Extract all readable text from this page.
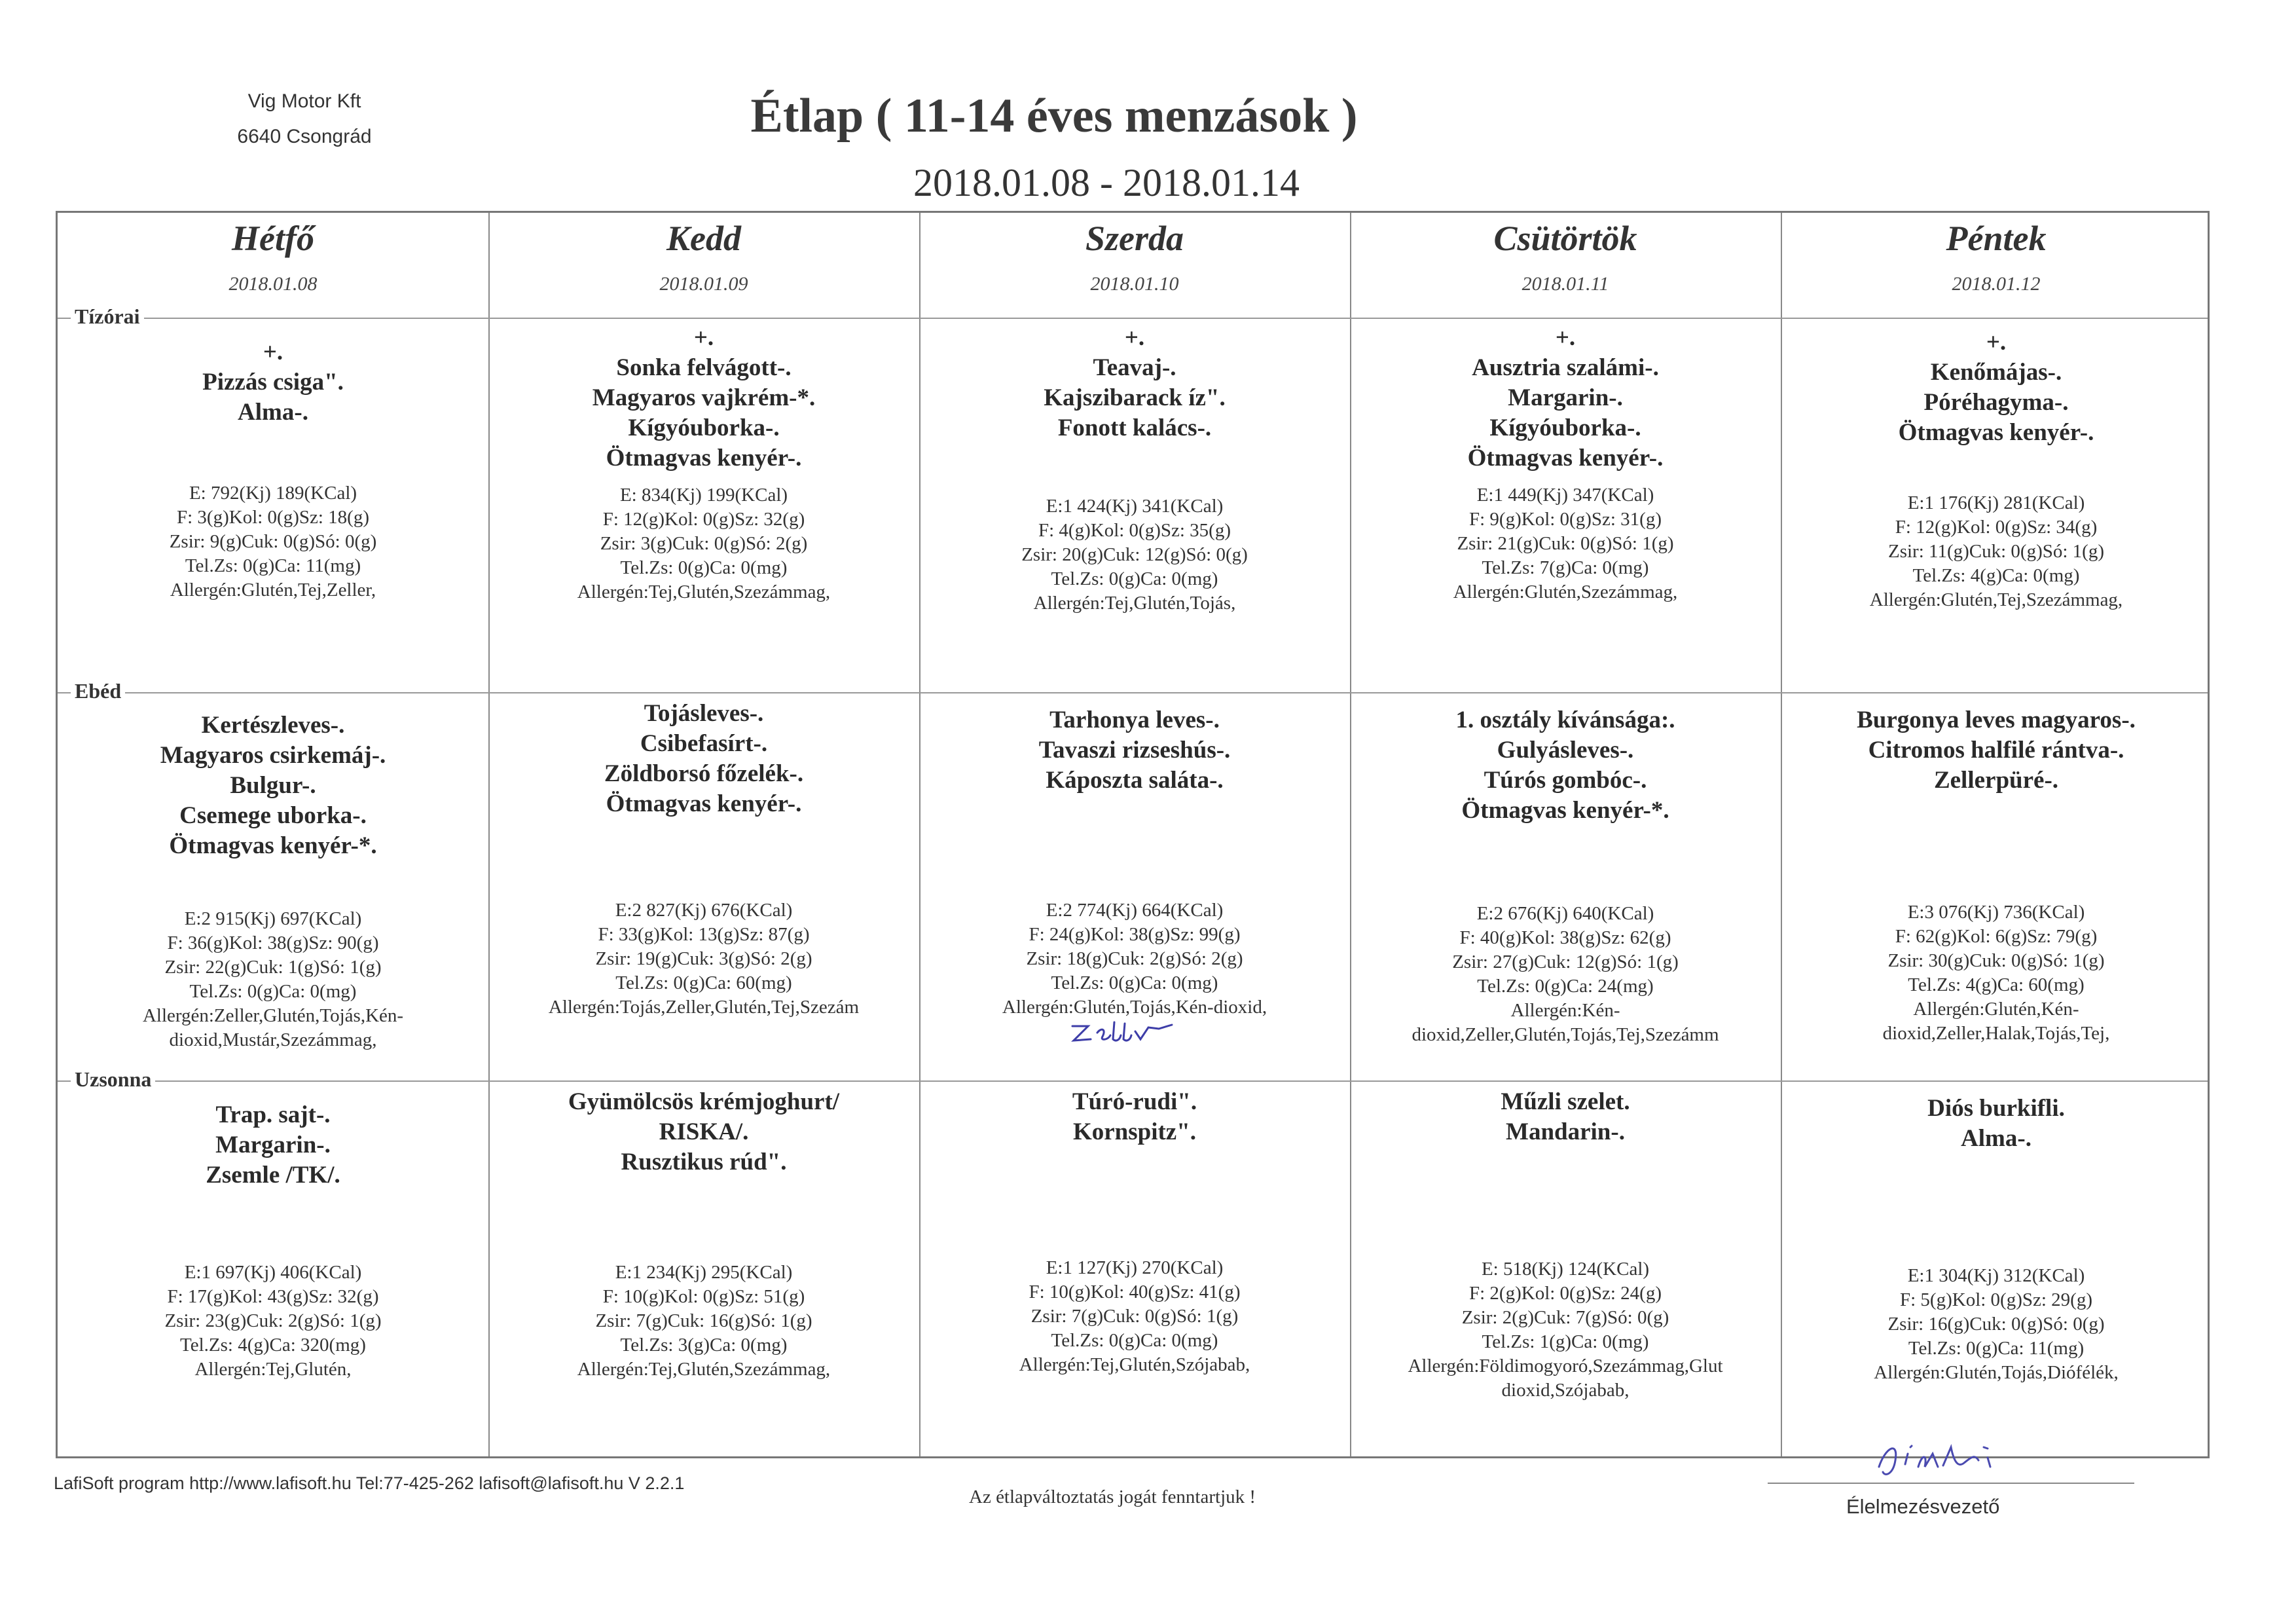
Vig Motor Kft
6640 Csongrád	Étlap ( 11-14 éves menzások )
2018.01.08 - 2018.01.14
Tízórai
Ebéd
Uzsonna
Hétfő
2018.01.08
+.
Pizzás csiga".
Alma-.
E: 792(Kj) 189(KCal)
F: 3(g)Kol: 0(g)Sz: 18(g)
Zsir: 9(g)Cuk: 0(g)Só: 0(g)
Tel.Zs: 0(g)Ca: 11(mg)
Allergén:Glutén,Tej,Zeller,
Kertészleves-.
Magyaros csirkemáj-.
Bulgur-.
Csemege uborka-.
Ötmagvas kenyér-*.
E:2 915(Kj) 697(KCal)
F: 36(g)Kol: 38(g)Sz: 90(g)
Zsir: 22(g)Cuk: 1(g)Só: 1(g)
Tel.Zs: 0(g)Ca: 0(mg)
Allergén:Zeller,Glutén,Tojás,Kén-
dioxid,Mustár,Szezámmag,
Trap. sajt-.
Margarin-.
Zsemle /TK/.
E:1 697(Kj) 406(KCal)
F: 17(g)Kol: 43(g)Sz: 32(g)
Zsir: 23(g)Cuk: 2(g)Só: 1(g)
Tel.Zs: 4(g)Ca: 320(mg)
Allergén:Tej,Glutén,
Kedd
2018.01.09
+.
Sonka felvágott-.
Magyaros vajkrém-*.
Kígyóuborka-.
Ötmagvas kenyér-.
E: 834(Kj) 199(KCal)
F: 12(g)Kol: 0(g)Sz: 32(g)
Zsir: 3(g)Cuk: 0(g)Só: 2(g)
Tel.Zs: 0(g)Ca: 0(mg)
Allergén:Tej,Glutén,Szezámmag,
Tojásleves-.
Csibefasírt-.
Zöldborsó főzelék-.
Ötmagvas kenyér-.
E:2 827(Kj) 676(KCal)
F: 33(g)Kol: 13(g)Sz: 87(g)
Zsir: 19(g)Cuk: 3(g)Só: 2(g)
Tel.Zs: 0(g)Ca: 60(mg)
Allergén:Tojás,Zeller,Glutén,Tej,Szezám
Gyümölcsös krémjoghurt/
RISKA/.
Rusztikus rúd".
E:1 234(Kj) 295(KCal)
F: 10(g)Kol: 0(g)Sz: 51(g)
Zsir: 7(g)Cuk: 16(g)Só: 1(g)
Tel.Zs: 3(g)Ca: 0(mg)
Allergén:Tej,Glutén,Szezámmag,
Szerda
2018.01.10
+.
Teavaj-.
Kajszibarack íz".
Fonott kalács-.
E:1 424(Kj) 341(KCal)
F: 4(g)Kol: 0(g)Sz: 35(g)
Zsir: 20(g)Cuk: 12(g)Só: 0(g)
Tel.Zs: 0(g)Ca: 0(mg)
Allergén:Tej,Glutén,Tojás,
Tarhonya leves-.
Tavaszi rizseshús-.
Káposzta saláta-.
E:2 774(Kj) 664(KCal)
F: 24(g)Kol: 38(g)Sz: 99(g)
Zsir: 18(g)Cuk: 2(g)Só: 2(g)
Tel.Zs: 0(g)Ca: 0(mg)
Allergén:Glutén,Tojás,Kén-dioxid,
Túró-rudi".
Kornspitz".
E:1 127(Kj) 270(KCal)
F: 10(g)Kol: 40(g)Sz: 41(g)
Zsir: 7(g)Cuk: 0(g)Só: 1(g)
Tel.Zs: 0(g)Ca: 0(mg)
Allergén:Tej,Glutén,Szójabab,
Csütörtök
2018.01.11
+.
Ausztria szalámi-.
Margarin-.
Kígyóuborka-.
Ötmagvas kenyér-.
E:1 449(Kj) 347(KCal)
F: 9(g)Kol: 0(g)Sz: 31(g)
Zsir: 21(g)Cuk: 0(g)Só: 1(g)
Tel.Zs: 7(g)Ca: 0(mg)
Allergén:Glutén,Szezámmag,
1. osztály kívánsága:.
Gulyásleves-.
Túrós gombóc-.
Ötmagvas kenyér-*.
E:2 676(Kj) 640(KCal)
F: 40(g)Kol: 38(g)Sz: 62(g)
Zsir: 27(g)Cuk: 12(g)Só: 1(g)
Tel.Zs: 0(g)Ca: 24(mg)
Allergén:Kén-
dioxid,Zeller,Glutén,Tojás,Tej,Szezámm
Műzli szelet.
Mandarin-.
E: 518(Kj) 124(KCal)
F: 2(g)Kol: 0(g)Sz: 24(g)
Zsir: 2(g)Cuk: 7(g)Só: 0(g)
Tel.Zs: 1(g)Ca: 0(mg)
Allergén:Földimogyoró,Szezámmag,Glut
dioxid,Szójabab,
Péntek
2018.01.12
+.
Kenőmájas-.
Póréhagyma-.
Ötmagvas kenyér-.
E:1 176(Kj) 281(KCal)
F: 12(g)Kol: 0(g)Sz: 34(g)
Zsir: 11(g)Cuk: 0(g)Só: 1(g)
Tel.Zs: 4(g)Ca: 0(mg)
Allergén:Glutén,Tej,Szezámmag,
Burgonya leves magyaros-.
Citromos halfilé rántva-.
Zellerpüré-.
E:3 076(Kj) 736(KCal)
F: 62(g)Kol: 6(g)Sz: 79(g)
Zsir: 30(g)Cuk: 0(g)Só: 1(g)
Tel.Zs: 4(g)Ca: 60(mg)
Allergén:Glutén,Kén-
dioxid,Zeller,Halak,Tojás,Tej,
Diós burkifli.
Alma-.
E:1 304(Kj) 312(KCal)
F: 5(g)Kol: 0(g)Sz: 29(g)
Zsir: 16(g)Cuk: 0(g)Só: 0(g)
Tel.Zs: 0(g)Ca: 11(mg)
Allergén:Glutén,Tojás,Diófélék,
LafiSoft program http://www.lafisoft.hu Tel:77-425-262 lafisoft@lafisoft.hu V 2.2.1
Az étlapváltoztatás jogát fenntartjuk !	Élelmezésvezető
